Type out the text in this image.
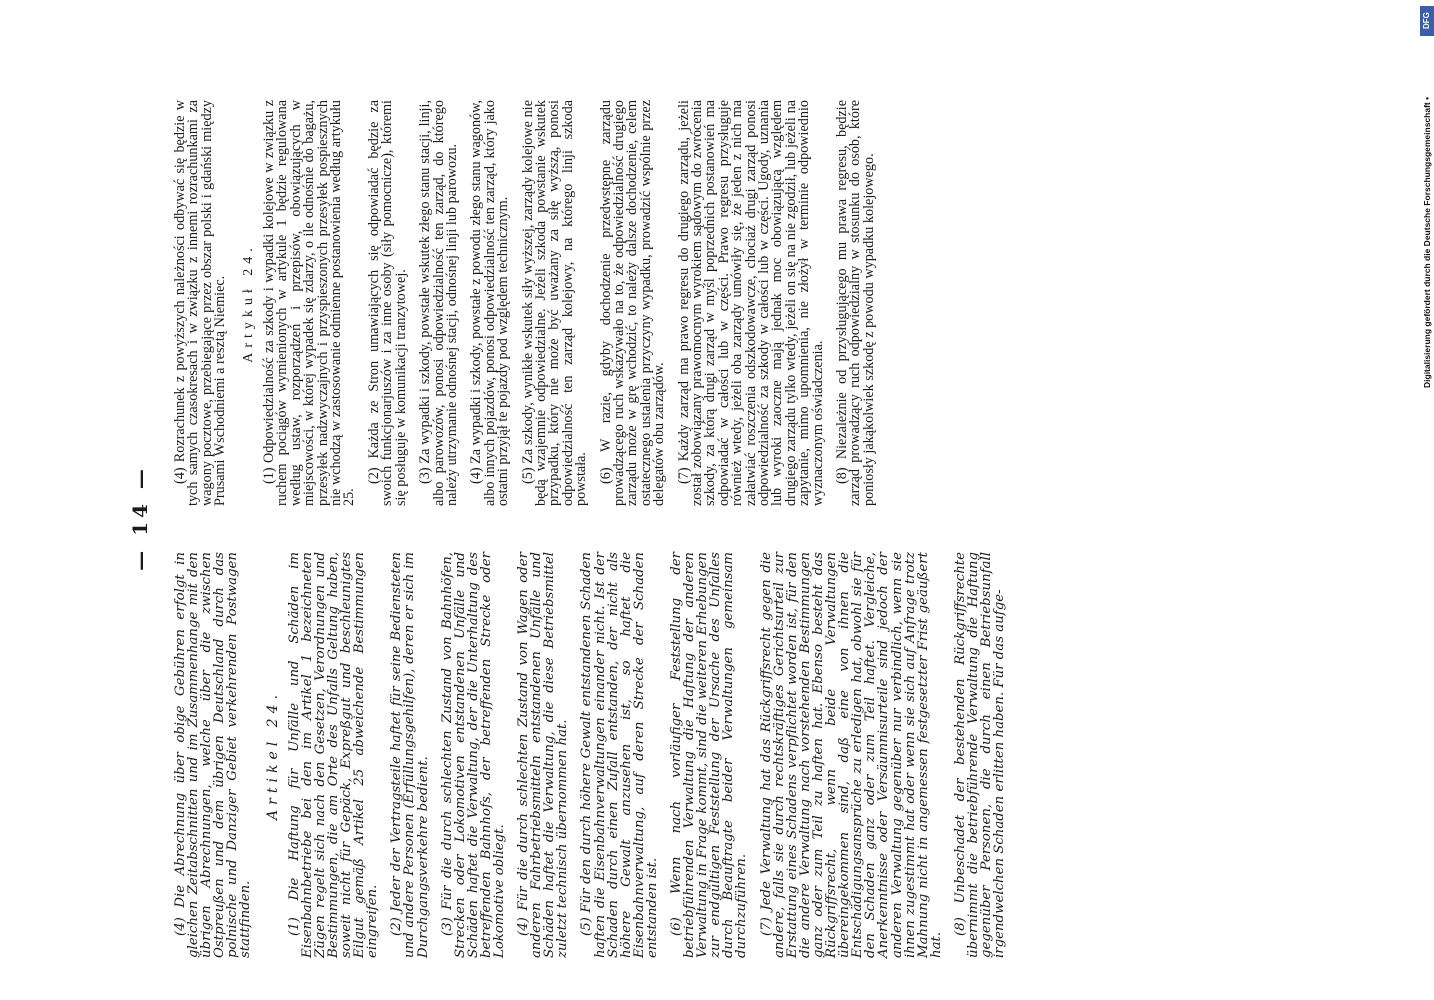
— 14 —

(4) Die Abrechnung über obige Gebühren erfolgt in gleichen Zeitabschnitten und im Zusammenhange mit den übrigen Abrechnungen, welche über die zwischen Ostpreußen und dem übrigen Deutschland durch das polnische und Danziger Gebiet verkehrenden Postwagen stattfinden.

Artikel 24. (1) Die Haftung für Unfälle und Schäden im Eisenbahnbetriebe bei den im Artikel 1 bezeichneten Zügen regelt sich nach den Gesetzen, Verordnungen und Bestimmungen, die am Orte des Unfalls Geltung haben, soweit nicht für Gepäck, Expreßgut und beschleunigtes Eilgut gemäß Artikel 25 abweichende Bestimmungen eingreifen. (2) Jeder der Vertragsteile haftet für seine Bediensteten und andere Personen (Erfüllungsgehilfen), deren er sich im Durchgangsverkehre bedient. (3) Für die durch schlechten Zustand von Bahnhöfen, Strecken oder Lokomotiven entstandenen Unfälle und Schäden haftet die Verwaltung, der die Unterhaltung des betreffenden Bahnhofs, der betreffenden Strecke oder Lokomotive obliegt. (4) Für die durch schlechten Zustand von Wagen oder anderen Fahrbetriebsmitteln entstandenen Unfälle und Schäden haftet die Verwaltung, die diese Betriebsmittel zuletzt technisch übernommen hat. (5) Für den durch höhere Gewalt entstandenen Schaden haften die Eisenbahnverwaltungen einander nicht. Ist der Schaden durch einen Zufall entstanden, der nicht als höhere Gewalt anzusehen ist, so haftet die Eisenbahnverwaltung, auf deren Strecke der Schaden entstanden ist. (6) Wenn nach vorläufiger Feststellung der betriebführenden Verwaltung die Haftung der anderen Verwaltung in Frage kommt, sind die weiteren Erhebungen zur endgültigen Feststellung der Ursache des Unfalles durch Beauftragte beider Verwaltungen gemeinsam durchzuführen. (7) Jede Verwaltung hat das Rückgriffsrecht gegen die andere, falls sie durch rechtskräftiges Gerichtsurteil zur Erstattung eines Schadens verpflichtet worden ist, für den die andere Verwaltung nach vorstehenden Bestimmungen ganz oder zum Teil zu haften hat. Ebenso besteht das Rückgriffsrecht, wenn beide Verwaltungen übereingekommen sind, daß eine von ihnen die Entschädigungsansprüche zu erledigen hat, obwohl sie für den Schaden ganz oder zum Teil haftet. Vergleiche, Anerkenntnisse oder Versäumnisurteile sind jedoch der anderen Verwaltung gegenüber nur verbindlich, wenn sie ihnen zugestimmt hat oder wenn sie sich auf Anfrage trotz Mahnung nicht in angemessen festgesetzter Frist geäußert hat.

(8) Unbeschadet der bestehenden Rückgriffsrechte übernimmt die betriebführende Verwaltung die Haftung gegenüber Personen, die durch einen Betriebsunfall irgendwelchen Schaden erlitten haben. Für das aufge-

(4) Rozrachunek z powyższych należności odbywać się będzie w tych samych czasokresach i w związku z innemi rozrachunkami za wagony pocztowe, przebiegające przez obszar polski i gdański między Prusami Wschodniemi a resztą Niemiec. Artykuł 24. (1) Odpowiedzialność za szkody i wypadki kolejowe w związku z ruchem pociągów wymienionych w artykule 1 będzie regulowana według ustaw, rozporządzeń i przepisów, obowiązujących w miejscowości, w której wypadek się zdarzy, o ile odnośnie do bagażu, przesyłek nadzwyczajnych i przyspieszonych przesyłek pospiesznych nie wchodzą w zastosowanie odmienne postanowienia według artykułu 25.

(2) Każda ze Stron umawiających się odpowiadać będzie za swoich funkcjonarjuszów i za inne osoby (siły pomocnicze), któremi się posługuje w komunikacji tranzytowej. (3) Za wypadki i szkody, powstałe wskutek złego stanu stacji, linji, albo parowozów, ponosi odpowiedzialność ten zarząd, do którego należy utrzymanie odnośnej stacji, odnośnej linji lub parowozu. (4) Za wypadki i szkody, powstałe z powodu złego stanu wagonów, albo innych pojazdów, ponosi odpowiedzialność ten zarząd, który jako ostatni przyjął te pojazdy pod względem technicznym. (5) Za szkody, wynikłe wskutek siły wyższej, zarządy kolejowe nie będą wzajemnie odpowiedzialne. Jeżeli szkoda powstanie wskutek przypadku, który nie może być uważany za siłę wyższą, ponosi odpowiedzialność ten zarząd kolejowy, na którego linji szkoda powstała. (6) W razie, gdyby dochodzenie przedwstępne zarządu prowadzącego ruch wskazywało na to, że odpowiedzialność drugiego zarządu może w grę wchodzić, to należy dalsze dochodzenie, celem ostatecznego ustalenia przyczyny wypadku, prowadzić wspólnie przez delegatów obu zarządów. (7) Każdy zarząd ma prawo regresu do drugiego zarządu, jeżeli został zobowiązany prawomocnym wyrokiem sądowym do zwrócenia szkody, za którą drugi zarząd w myśl poprzednich postanowień ma odpowiadać w całości lub w części. Prawo regresu przysługuje również wtedy, jeżeli oba zarządy umówiły się, że jeden z nich ma załatwiać roszczenia odszkodowawcze, chociaż drugi zarząd ponosi odpowiedzialność za szkody w całości lub w części. Ugody, uznania lub wyroki zaoczne mają jednak moc obowiązującą względem drugiego zarządu tylko wtedy, jeżeli on się na nie zgodził, lub jeżeli na zapytanie, mimo upomnienia, nie złożył w terminie odpowiednio wyznaczonym oświadczenia. (8) Niezależnie od przysługującego mu prawa regresu, będzie zarząd prowadzący ruch odpowiedzialny w stosunku do osób, które poniosły jakąkolwiek szkodę z powodu wypadku kolejowego.

DFG
Digitalisierung gefördert durch die Deutsche Forschungsgemeinschaft •
